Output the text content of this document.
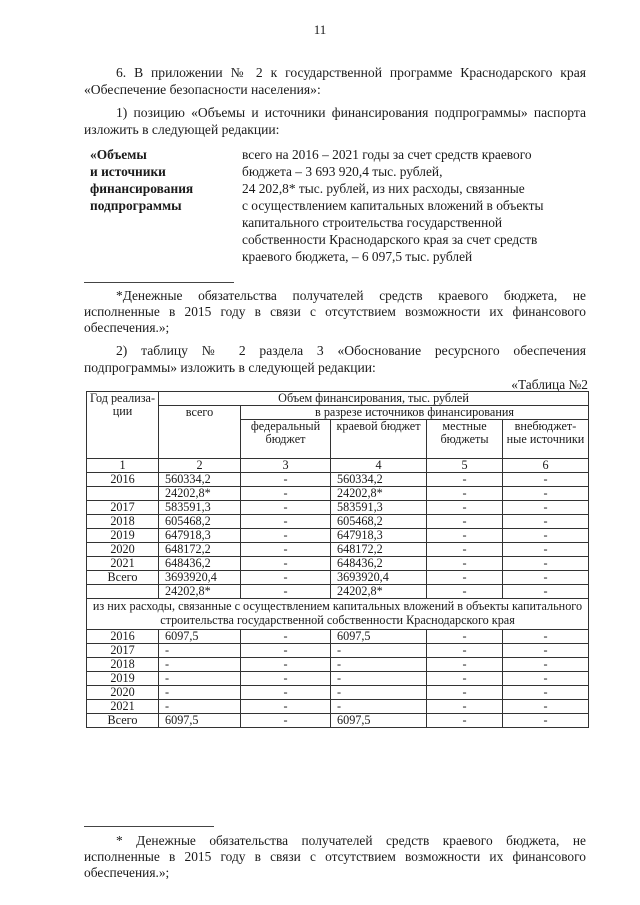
11
6. В приложении № 2 к государственной программе Краснодарского края «Обеспечение безопасности населения»:
1) позицию «Объемы и источники финансирования подпрограммы» паспорта изложить в следующей редакции:
«Объемы
и источники
финансирования
подпрограммы
всего на 2016 – 2021 годы за счет средств краевого
бюджета – 3 693 920,4 тыс. рублей,
24 202,8* тыс. рублей, из них расходы, связанные
с осуществлением капитальных вложений в объекты
капитального строительства государственной
собственности Краснодарского края за счет средств
краевого бюджета, – 6 097,5 тыс. рублей
*Денежные обязательства получателей средств краевого бюджета, не исполненные в 2015 году в связи с отсутствием возможности их финансового обеспечения.»;
2) таблицу № 2 раздела 3 «Обоснование ресурсного обеспечения подпрограммы» изложить в следующей редакции:
«Таблица №2
Год реализа-ции	Объем финансирования, тыс. рублей				
	всего	в разрезе источников финансирования			
		федеральный бюджет	краевой бюджет	местные бюджеты	внебюджет-ные источники
1	2	3	4	5	6
2016	560334,2	-	560334,2	-	-
	24202,8*	-	24202,8*	-	-
2017	583591,3	-	583591,3	-	-
2018	605468,2	-	605468,2	-	-
2019	647918,3	-	647918,3	-	-
2020	648172,2	-	648172,2	-	-
2021	648436,2	-	648436,2	-	-
Всего	3693920,4	-	3693920,4	-	-
	24202,8*	-	24202,8*	-	-
из них расходы, связанные с осуществлением капитальных вложений в объекты капитального строительства государственной собственности Краснодарского края					
2016	6097,5	-	6097,5	-	-
2017	-	-	-	-	-
2018	-	-	-	-	-
2019	-	-	-	-	-
2020	-	-	-	-	-
2021	-	-	-	-	-
Всего	6097,5	-	6097,5	-	-
* Денежные обязательства получателей средств краевого бюджета, не исполненные в 2015 году в связи с отсутствием возможности их финансового обеспечения.»;
